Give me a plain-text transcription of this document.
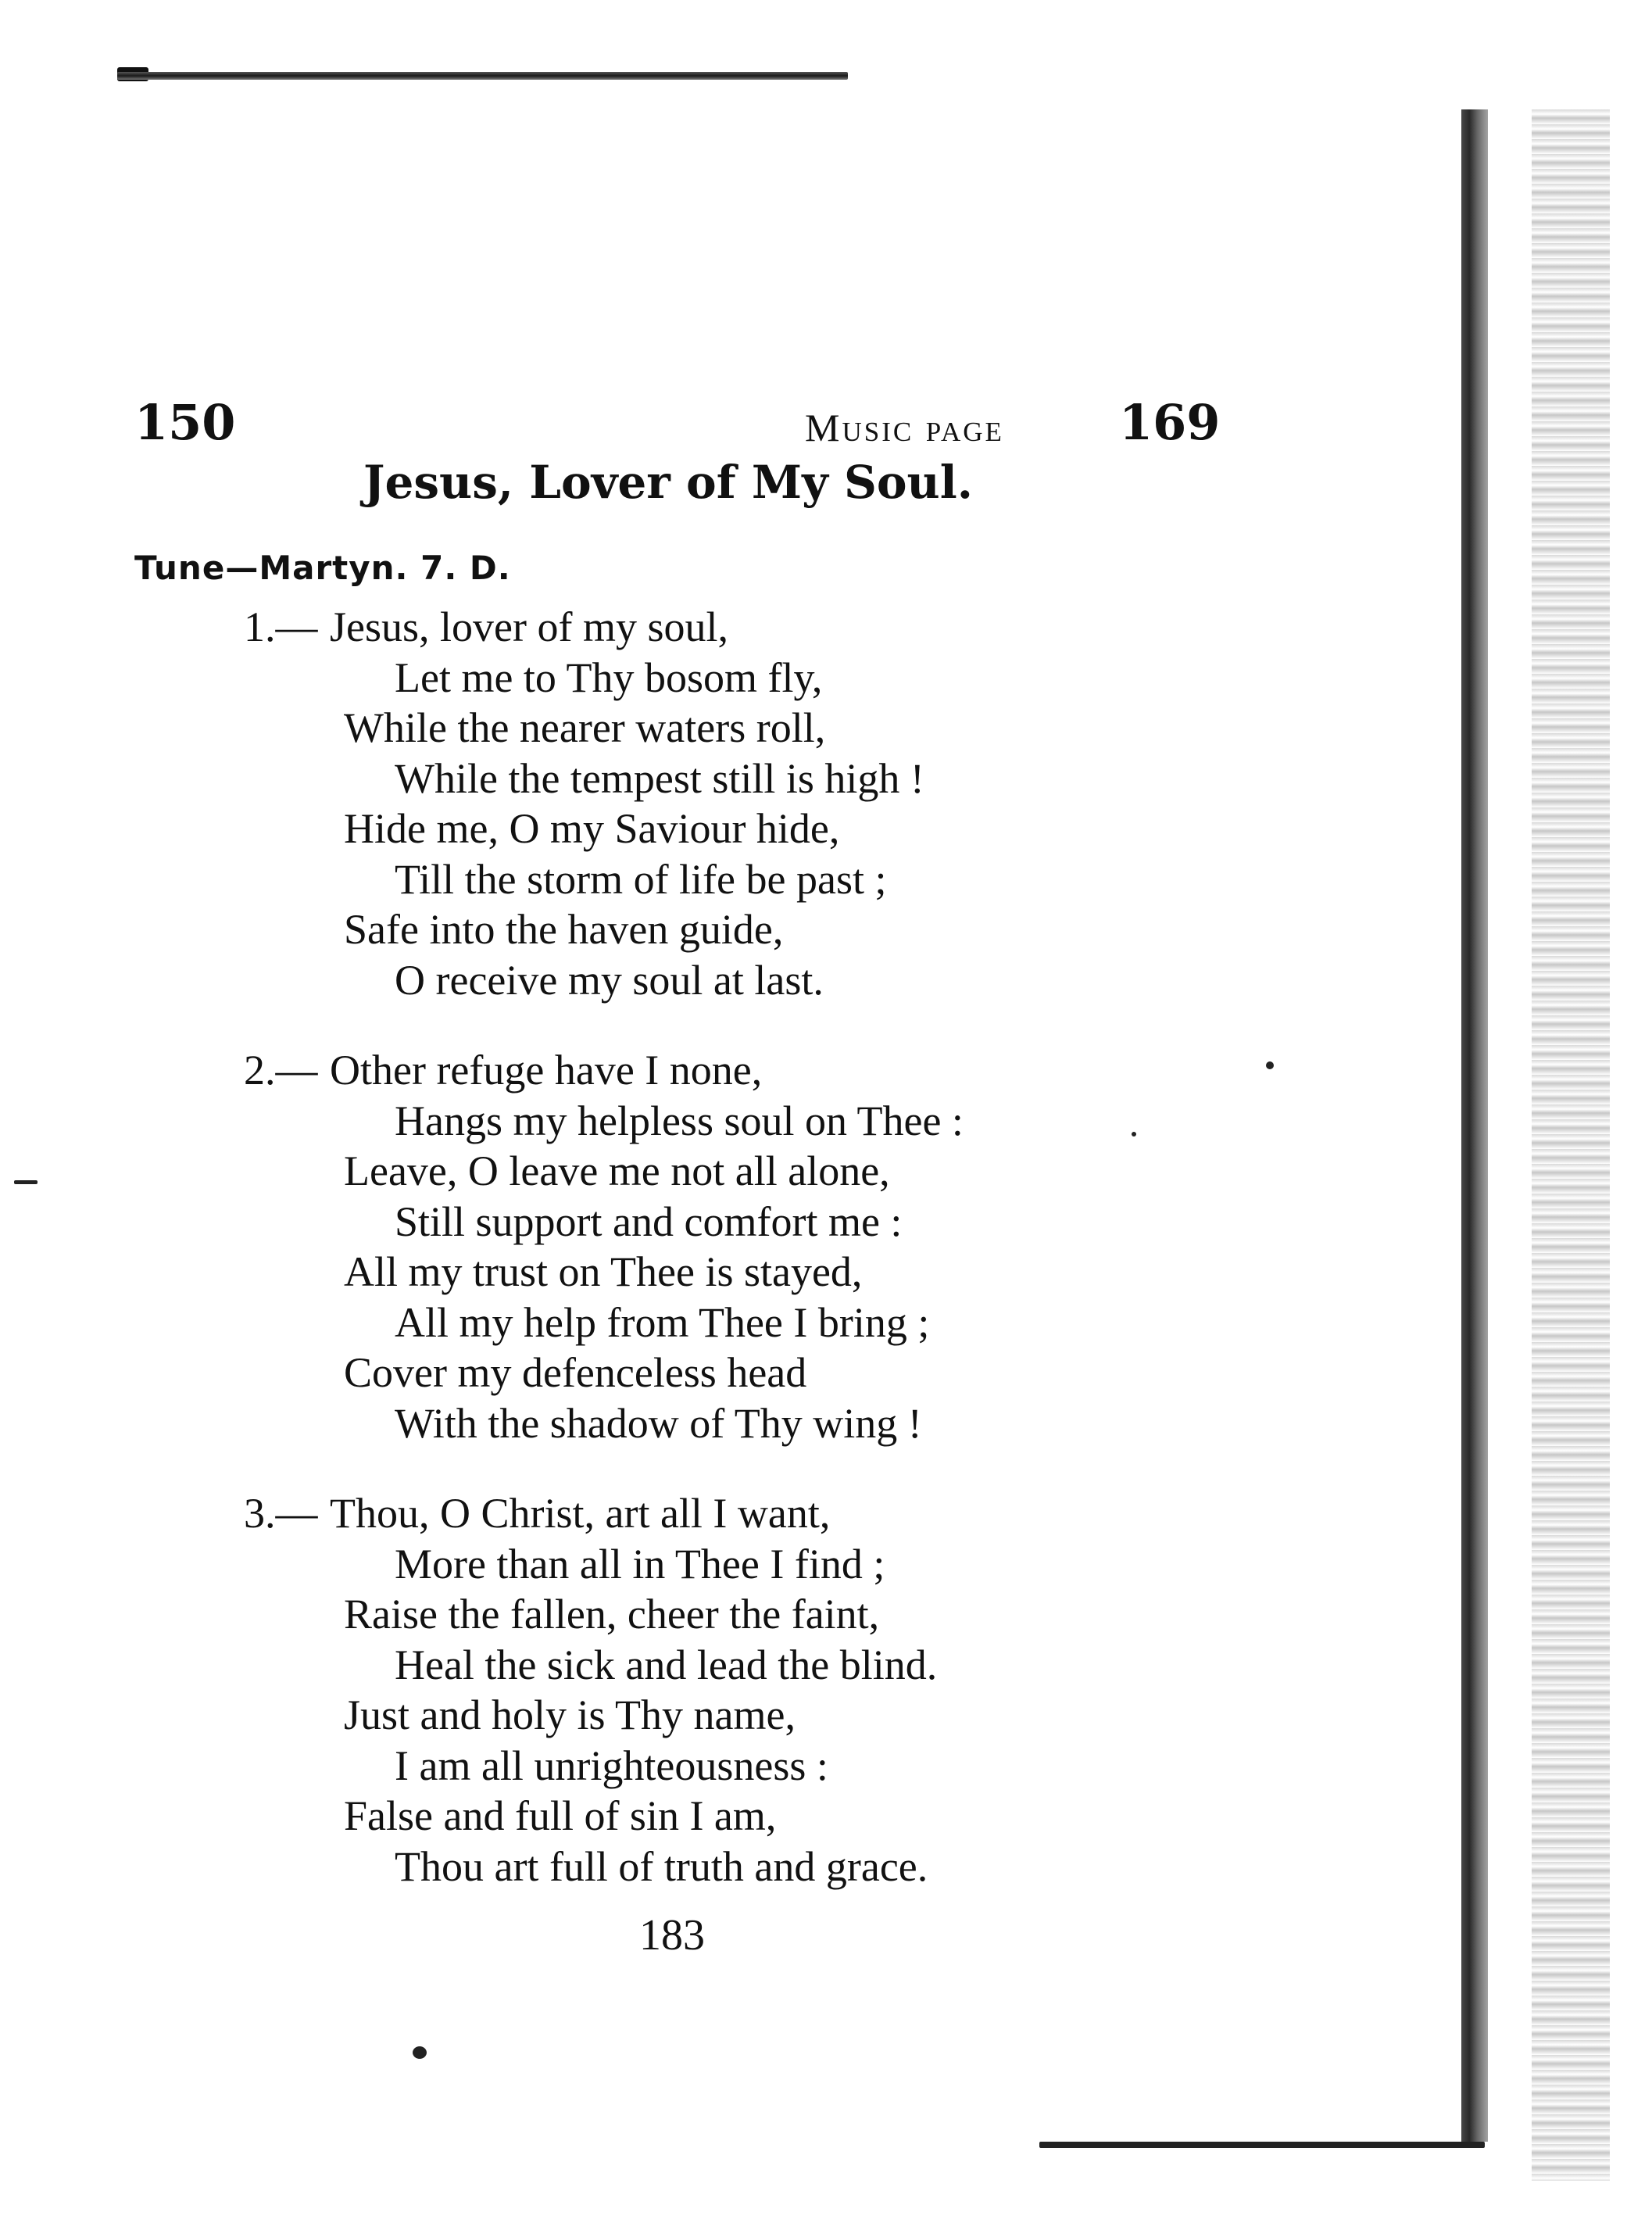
150	Music page 169
Jesus, Lover of My Soul.
Tune—Martyn. 7. D.
1.— Jesus, lover of my soul,
Let me to Thy bosom fly,
While the nearer waters roll,
While the tempest still is high !
Hide me, O my Saviour hide,
Till the storm of life be past ;
Safe into the haven guide,
O receive my soul at last.
2.— Other refuge have I none,
Hangs my helpless soul on Thee :
Leave, O leave me not all alone,
Still support and comfort me :
All my trust on Thee is stayed,
All my help from Thee I bring ;
Cover my defenceless head
With the shadow of Thy wing !
3.— Thou, O Christ, art all I want,
More than all in Thee I find ;
Raise the fallen, cheer the faint,
Heal the sick and lead the blind.
Just and holy is Thy name,
I am all unrighteousness :
False and full of sin I am,
Thou art full of truth and grace.
183
